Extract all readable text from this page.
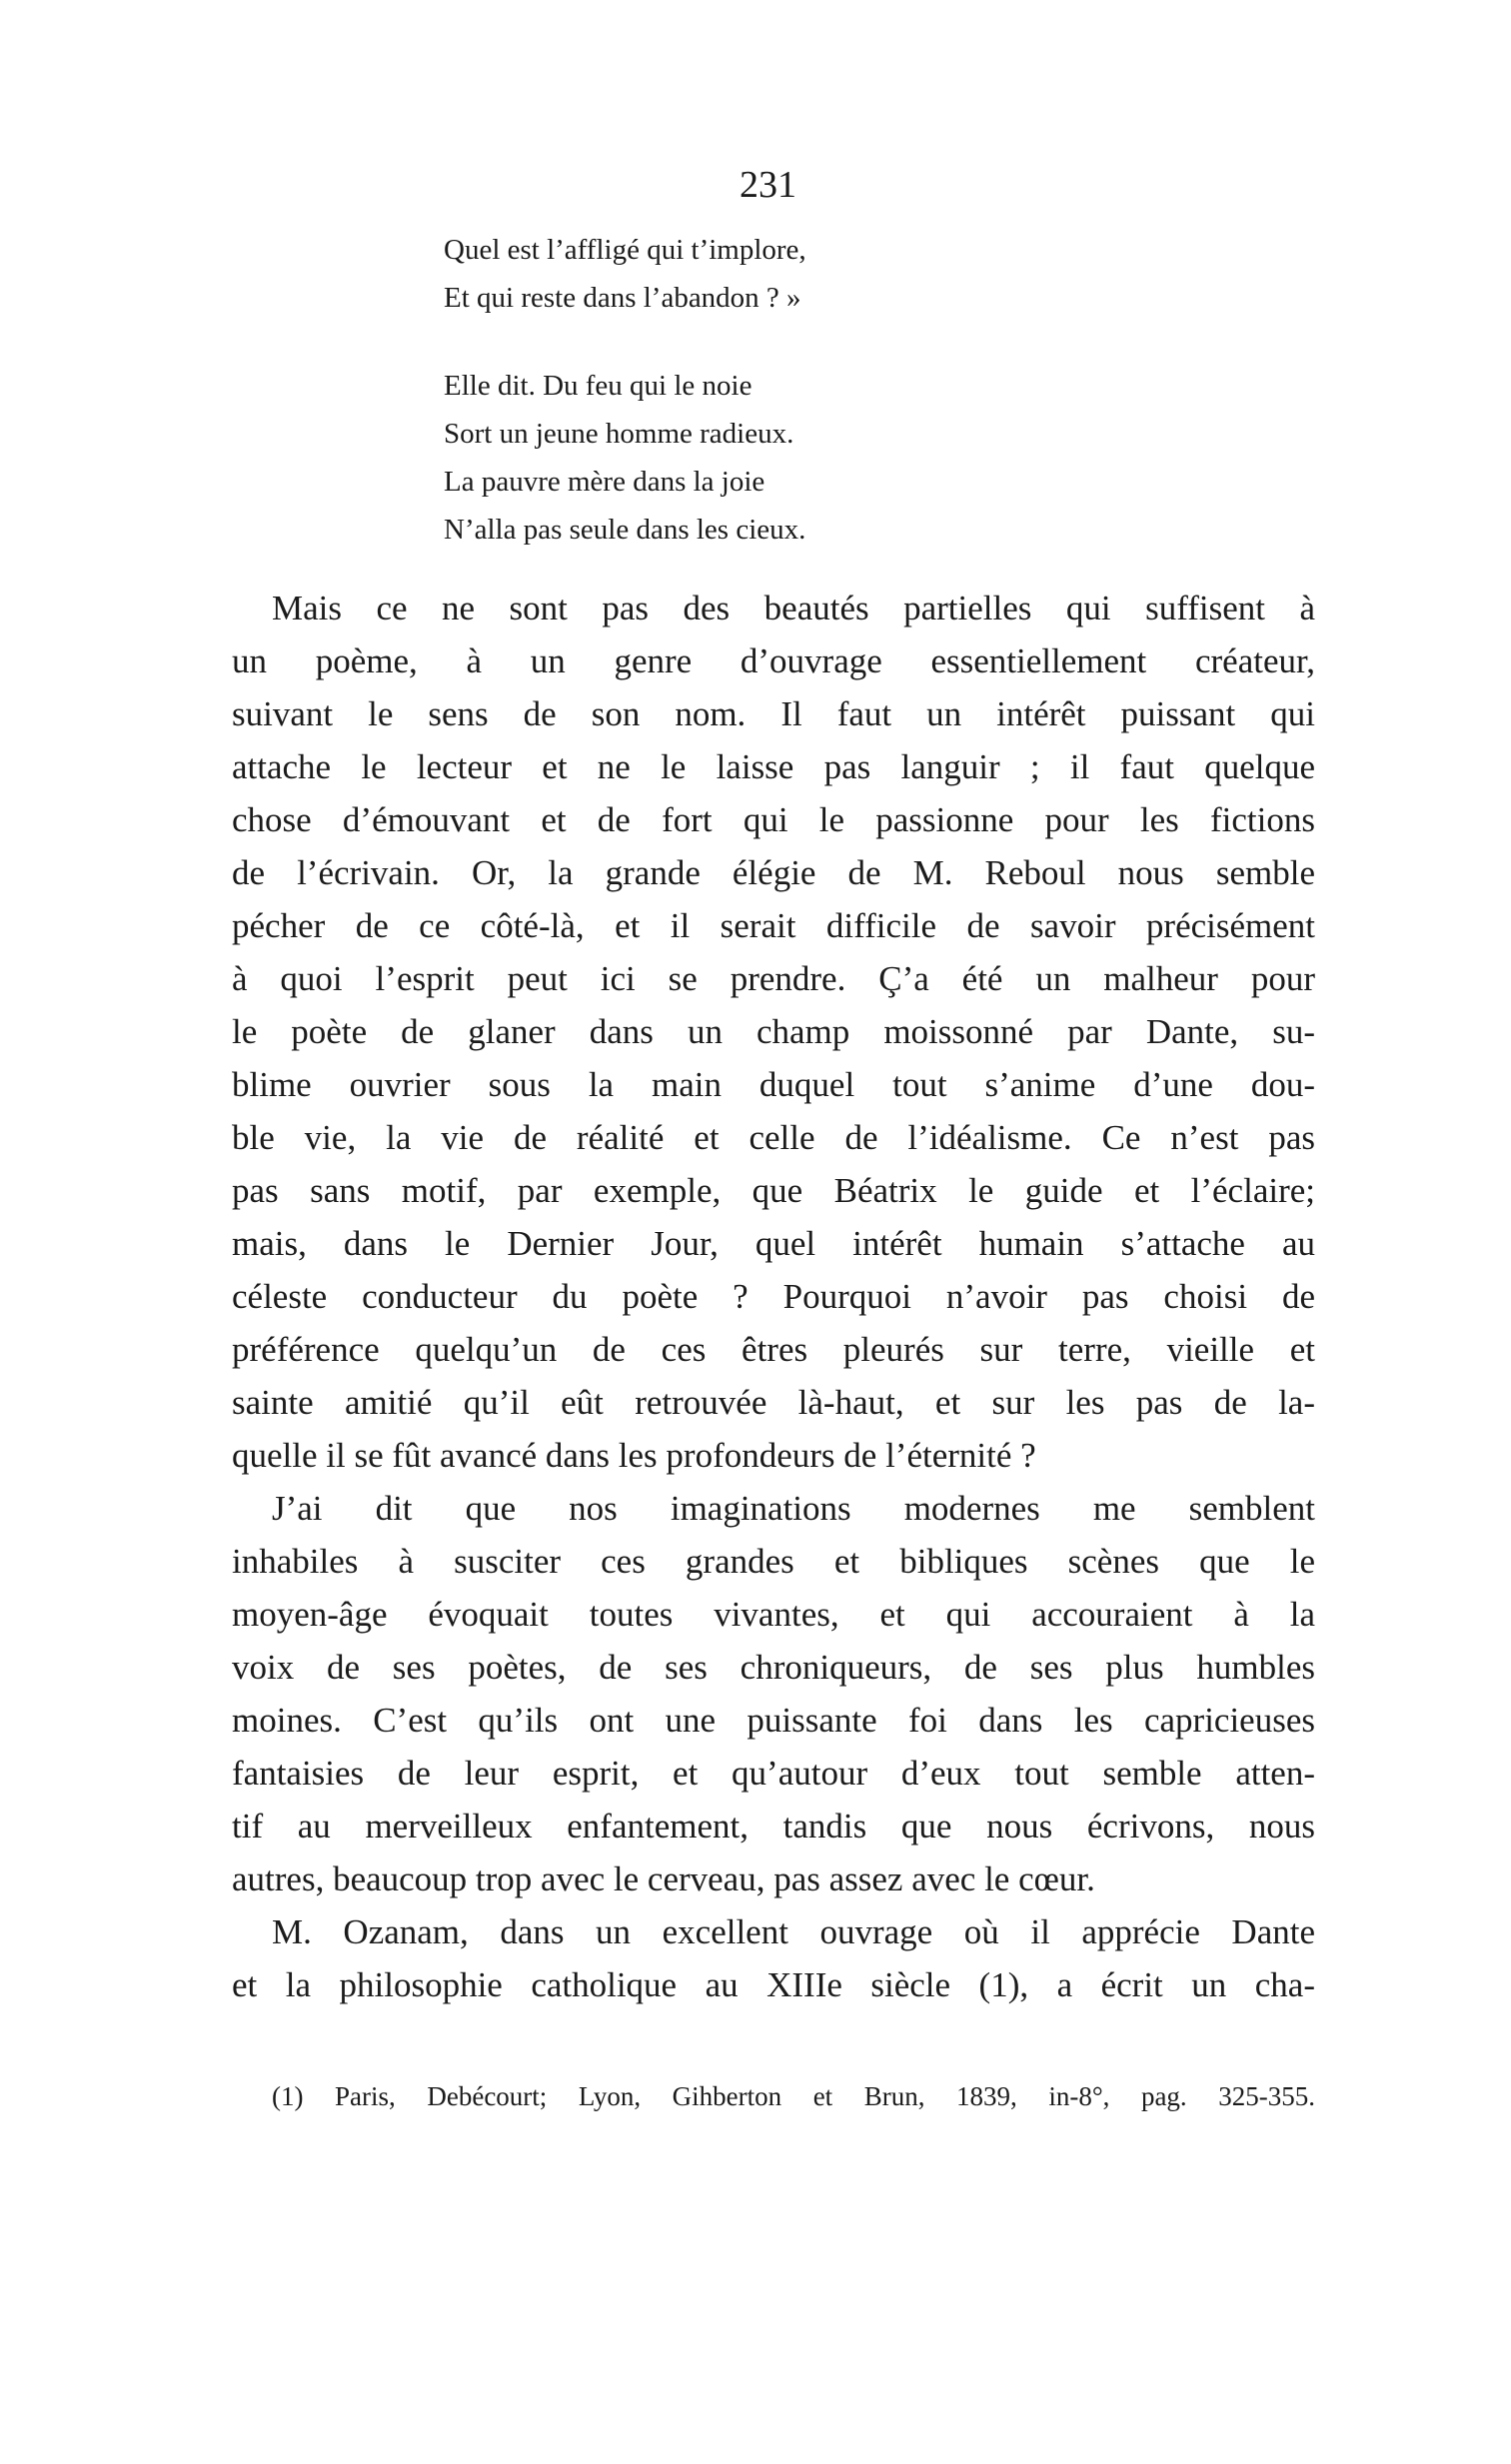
231
Quel est l’affligé qui t’implore,
Et qui reste dans l’abandon ? »
Elle dit. Du feu qui le noie
Sort un jeune homme radieux.
La pauvre mère dans la joie
N’alla pas seule dans les cieux.
Mais ce ne sont pas des beautés partielles qui suffisent à
un poème, à un genre d’ouvrage essentiellement créateur,
suivant le sens de son nom. Il faut un intérêt puissant qui
attache le lecteur et ne le laisse pas languir ; il faut quelque
chose d’émouvant et de fort qui le passionne pour les fictions
de l’écrivain. Or, la grande élégie de M. Reboul nous semble
pécher de ce côté-là, et il serait difficile de savoir précisément
à quoi l’esprit peut ici se prendre. Ç’a été un malheur pour
le poète de glaner dans un champ moissonné par Dante, su-
blime ouvrier sous la main duquel tout s’anime d’une dou-
ble vie, la vie de réalité et celle de l’idéalisme. Ce n’est pas
pas sans motif, par exemple, que Béatrix le guide et l’éclaire;
mais, dans le Dernier Jour, quel intérêt humain s’attache au
céleste conducteur du poète ? Pourquoi n’avoir pas choisi de
préférence quelqu’un de ces êtres pleurés sur terre, vieille et
sainte amitié qu’il eût retrouvée là-haut, et sur les pas de la-
quelle il se fût avancé dans les profondeurs de l’éternité ?
J’ai dit que nos imaginations modernes me semblent
inhabiles à susciter ces grandes et bibliques scènes que le
moyen-âge évoquait toutes vivantes, et qui accouraient à la
voix de ses poètes, de ses chroniqueurs, de ses plus humbles
moines. C’est qu’ils ont une puissante foi dans les capricieuses
fantaisies de leur esprit, et qu’autour d’eux tout semble atten-
tif au merveilleux enfantement, tandis que nous écrivons, nous
autres, beaucoup trop avec le cerveau, pas assez avec le cœur.
M. Ozanam, dans un excellent ouvrage où il apprécie Dante
et la philosophie catholique au XIIIe siècle (1), a écrit un cha-
(1) Paris, Debécourt; Lyon, Gihberton et Brun, 1839, in-8°, pag. 325-355.
